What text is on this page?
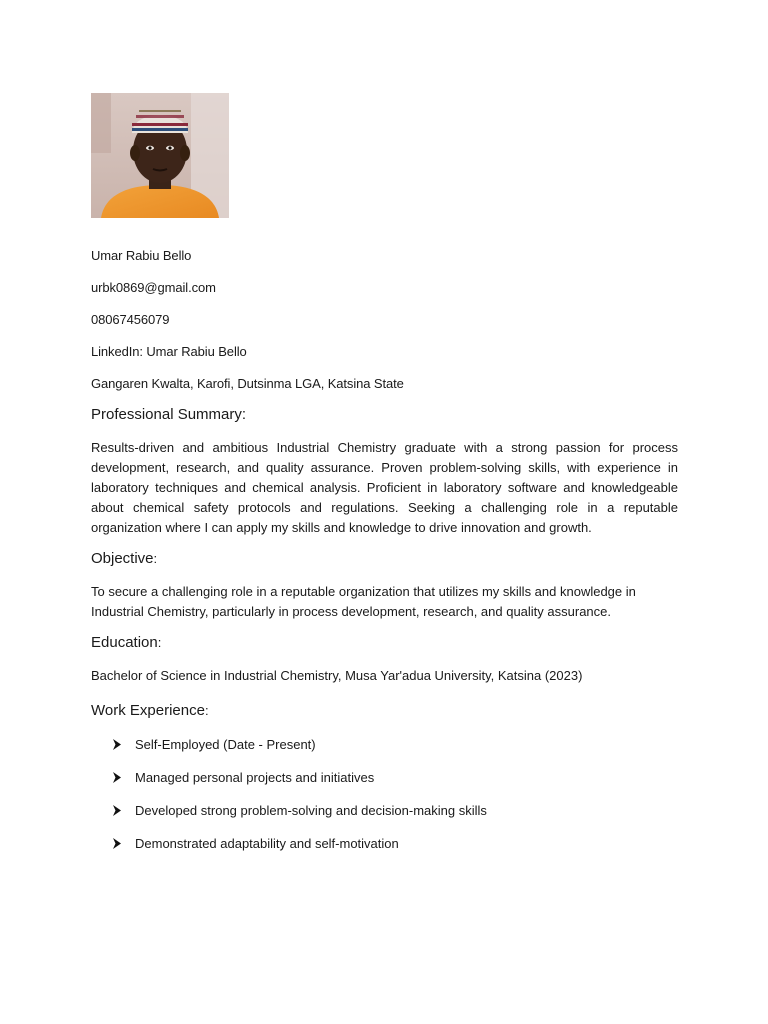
Umar Rabiu Bello

urbk0869@gmail.com

08067456079

LinkedIn: Umar Rabiu Bello

Gangaren Kwalta, Karofi, Dutsinma LGA, Katsina State

Professional Summary:

Results-driven and ambitious Industrial Chemistry graduate with a strong passion for process development, research, and quality assurance. Proven problem-solving skills, with experience in laboratory techniques and chemical analysis. Proficient in laboratory software and knowledgeable about chemical safety protocols and regulations. Seeking a challenging role in a reputable organization where I can apply my skills and knowledge to drive innovation and growth.

Objective:

To secure a challenging role in a reputable organization that utilizes my skills and knowledge in Industrial Chemistry, particularly in process development, research, and quality assurance.

Education:

Bachelor of Science in Industrial Chemistry, Musa Yar'adua University, Katsina (2023)

Work Experience:
Self-Employed (Date - Present)
Managed personal projects and initiatives
Developed strong problem-solving and decision-making skills
Demonstrated adaptability and self-motivation
